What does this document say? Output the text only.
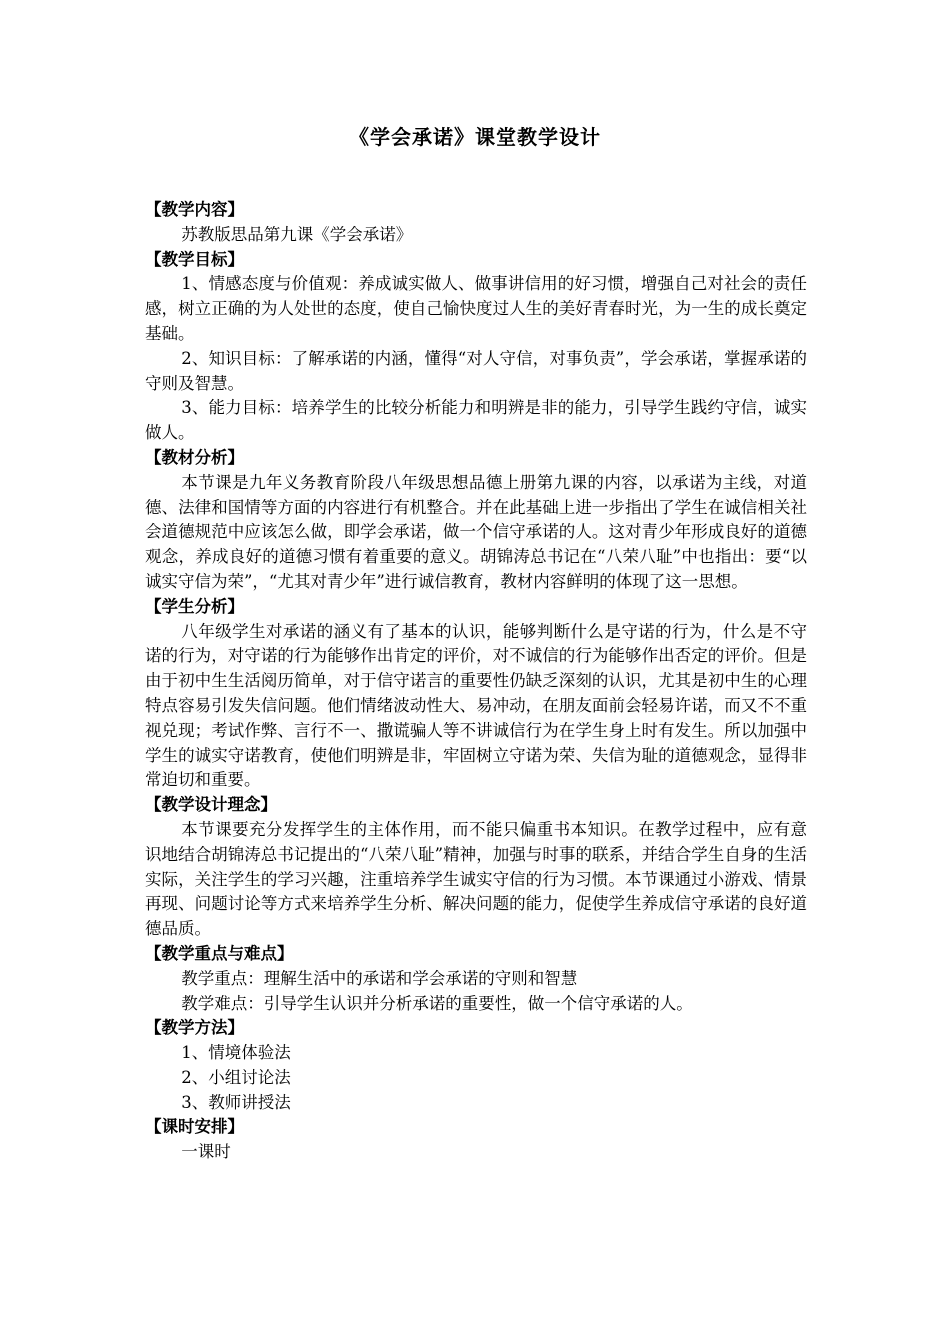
《学会承诺》课堂教学设计

【教学内容】

苏教版思品第九课《学会承诺》

【教学目标】

1、情感态度与价值观：养成诚实做人、做事讲信用的好习惯，增强自己对社会的责任感，树立正确的为人处世的态度，使自己愉快度过人生的美好青春时光，为一生的成长奠定基础。

2、知识目标：了解承诺的内涵，懂得“对人守信，对事负责”，学会承诺，掌握承诺的守则及智慧。

3、能力目标：培养学生的比较分析能力和明辨是非的能力，引导学生践约守信，诚实做人。

【教材分析】

本节课是九年义务教育阶段八年级思想品德上册第九课的内容，以承诺为主线，对道德、法律和国情等方面的内容进行有机整合。并在此基础上进一步指出了学生在诚信相关社会道德规范中应该怎么做，即学会承诺，做一个信守承诺的人。这对青少年形成良好的道德观念，养成良好的道德习惯有着重要的意义。胡锦涛总书记在“八荣八耻”中也指出：要“以诚实守信为荣”，“尤其对青少年”进行诚信教育，教材内容鲜明的体现了这一思想。

【学生分析】

八年级学生对承诺的涵义有了基本的认识，能够判断什么是守诺的行为，什么是不守诺的行为，对守诺的行为能够作出肯定的评价，对不诚信的行为能够作出否定的评价。但是由于初中生生活阅历简单，对于信守诺言的重要性仍缺乏深刻的认识，尤其是初中生的心理特点容易引发失信问题。他们情绪波动性大、易冲动，在朋友面前会轻易许诺，而又不不重视兑现；考试作弊、言行不一、撒谎骗人等不讲诚信行为在学生身上时有发生。所以加强中学生的诚实守诺教育，使他们明辨是非，牢固树立守诺为荣、失信为耻的道德观念，显得非常迫切和重要。

【教学设计理念】

本节课要充分发挥学生的主体作用，而不能只偏重书本知识。在教学过程中，应有意识地结合胡锦涛总书记提出的“八荣八耻”精神，加强与时事的联系，并结合学生自身的生活实际，关注学生的学习兴趣，注重培养学生诚实守信的行为习惯。本节课通过小游戏、情景再现、问题讨论等方式来培养学生分析、解决问题的能力，促使学生养成信守承诺的良好道德品质。

【教学重点与难点】

教学重点：理解生活中的承诺和学会承诺的守则和智慧

教学难点：引导学生认识并分析承诺的重要性，做一个信守承诺的人。

【教学方法】

1、情境体验法

2、小组讨论法

3、教师讲授法

【课时安排】

一课时
